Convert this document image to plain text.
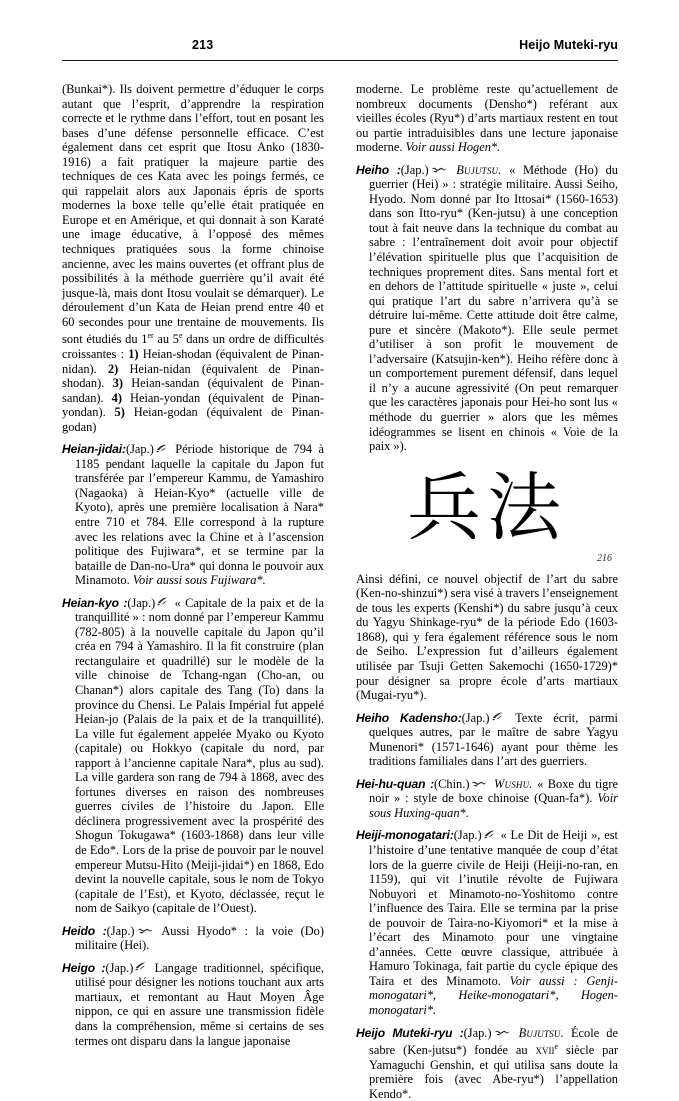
213	Heijo Muteki-ryu

(Bunkai*). Ils doivent permettre d’éduquer le corps autant que l’esprit, d’apprendre la respiration correcte et le rythme dans l’effort, tout en posant les bases d’une défense personnelle efficace. C’est également dans cet esprit que Itosu Anko (1830-1916) a fait pratiquer la majeure partie des techniques de ces Kata avec les poings fermés, ce qui rappelait alors aux Japonais épris de sports modernes la boxe telle qu’elle était pratiquée en Europe et en Amérique, et qui donnait à son Karaté une image éducative, à l’opposé des mêmes techniques pratiquées sous la forme chinoise ancienne, avec les mains ouvertes (et offrant plus de possibilités à la méthode guerrière qu’il avait été jusque-là, mais dont Itosu voulait se démarquer). Le déroulement d’un Kata de Heian prend entre 40 et 60 secondes pour une trentaine de mouvements. Ils sont étudiés du 1er au 5e dans un ordre de difficultés croissantes : 1) Heian-shodan (équivalent de Pinan-nidan). 2) Heian-nidan (équivalent de Pinan-shodan). 3) Heian-sandan (équivalent de Pinan-sandan). 4) Heian-yondan (équivalent de Pinan-yondan). 5) Heian-godan (équivalent de Pinan-godan)

Heian-jidai:(Jap.)
Période historique de 794 à 1185 pendant laquelle la capitale du Japon fut transférée par l’empereur Kammu, de Yamashiro (Nagaoka) à Heian-Kyo* (actuelle ville de Kyoto), après une première localisation à Nara* entre 710 et 784. Elle correspond à la rupture avec les relations avec la Chine et à l’ascension politique des Fujiwara*, et se termine par la bataille de Dan-no-Ura* qui donna le pouvoir aux Minamoto. Voir aussi sous Fujiwara*.

Heian-kyo :(Jap.)
« Capitale de la paix et de la tranquillité » : nom donné par l’empereur Kammu (782-805) à la nouvelle capitale du Japon qu’il créa en 794 à Yamashiro. Il la fit construire (plan rectangulaire et quadrillé) sur le modèle de la ville chinoise de Tchang-ngan (Cho-an, ou Chanan*) alors capitale des Tang (To) dans la province du Chensi. Le Palais Impérial fut appelé Heian-jo (Palais de la paix et de la tranquillité). La ville fut également appelée Myako ou Kyoto (capitale) ou Hokkyo (capitale du nord, par rapport à l’ancienne capitale Nara*, plus au sud). La ville gardera son rang de 794 à 1868, avec des fortunes diverses en raison des nombreuses guerres civiles de l’histoire du Japon. Elle déclinera progressivement avec la prospérité des Shogun Tokugawa* (1603-1868) dans leur ville de Edo*. Lors de la prise de pouvoir par le nouvel empereur Mutsu-Hito (Meiji-jidai*) en 1868, Edo devint la nouvelle capitale, sous le nom de Tokyo (capitale de l’Est), et Kyoto, déclassée, reçut le nom de Saikyo (capitale de l’Ouest).

Heido :(Jap.)
Aussi Hyodo* : la voie (Do) militaire (Hei).

Heigo :(Jap.)
Langage traditionnel, spécifique, utilisé pour désigner les notions touchant aux arts martiaux, et remontant au Haut Moyen Âge nippon, ce qui en assure une transmission fidèle dans la compréhension, même si certains de ses termes ont disparu dans la langue japonaise

moderne. Le problème reste qu’actuellement de nombreux documents (Densho*) reférant aux vieilles écoles (Ryu*) d’arts martiaux restent en tout ou partie intraduisibles dans une lecture japonaise moderne. Voir aussi Hogen*.

Heiho :(Jap.) Bujutsu. « Méthode (Ho) du guerrier (Hei) » : stratégie militaire. Aussi Seiho, Hyodo. Nom donné par Ito Ittosai* (1560-1653) dans son Itto-ryu* (Ken-jutsu) à une conception tout à fait neuve dans la technique du combat au sabre : l’entraînement doit avoir pour objectif l’élévation spirituelle plus que l’acquisition de techniques proprement dites. Sans mental fort et en dehors de l’attitude spirituelle « juste », celui qui pratique l’art du sabre n’arrivera qu’à se détruire lui-même. Cette attitude doit être calme, pure et sincère (Makoto*). Elle seule permet d’utiliser à son profit le mouvement de l’adversaire (Katsujin-ken*). Heiho réfère donc à un comportement purement défensif, dans lequel il n’y a aucune agressivité (On peut remarquer que les caractères japonais pour Hei-ho sont lus « méthode du guerrier » alors que les mêmes idéogrammes se lisent en chinois « Voie de la paix »).

兵法
216

Ainsi défini, ce nouvel objectif de l’art du sabre (Ken-no-shinzui*) sera visé à travers l’enseignement de tous les experts (Kenshi*) du sabre jusqu’à ceux du Yagyu Shinkage-ryu* de la période Edo (1603-1868), qui y fera également référence sous le nom de Seiho. L’expression fut d’ailleurs également utilisée par Tsuji Getten Sakemochi (1650-1729)* pour désigner sa propre école d’arts martiaux (Mugai-ryu*).

Heiho Kadensho:(Jap.)
Texte écrit, parmi quelques autres, par le maître de sabre Yagyu Munenori* (1571-1646) ayant pour thème les traditions familiales dans l’art des guerriers.

Hei-hu-quan :(Chin.) Wushu. « Boxe du tigre noir » : style de boxe chinoise (Quan-fa*). Voir sous Huxing-quan*.

Heiji-monogatari:(Jap.)
« Le Dit de Heiji », est l’histoire d’une tentative manquée de coup d’état lors de la guerre civile de Heiji (Heiji-no-ran, en 1159), qui vit l’inutile révolte de Fujiwara Nobuyori et Minamoto-no-Yoshitomo contre l’influence des Taira. Elle se termina par la prise de pouvoir de Taira-no-Kiyomori* et la mise à l’écart des Minamoto pour une vingtaine d’années. Cette œuvre classique, attribuée à Hamuro Tokinaga, fait partie du cycle épique des Taira et des Minamoto. Voir aussi : Genji-monogatari*, Heike-monogatari*, Hogen-monogatari*.

Heijo Muteki-ryu :(Jap.) Bujutsu. École de sabre (Ken-jutsu*) fondée au xvii$^e$ siècle par Yamaguchi Genshin, et qui utilisa sans doute la première fois (avec Abe-ryu*) l’appellation Kendo*.
